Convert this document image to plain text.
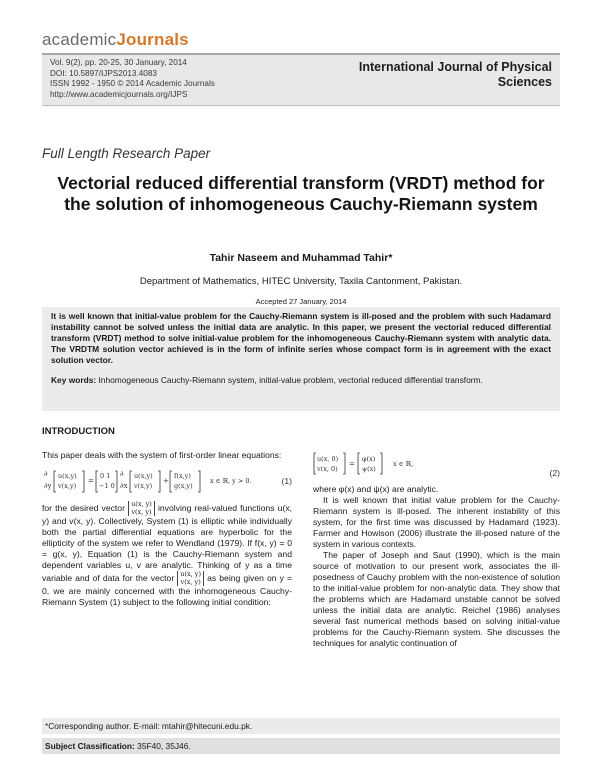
academicJournals
Vol. 9(2), pp. 20-25, 30 January, 2014
DOI: 10.5897/IJPS2013.4083
ISSN 1992 - 1950 © 2014 Academic Journals
http://www.academicjournals.org/IJPS
International Journal of Physical Sciences
Full Length Research Paper
Vectorial reduced differential transform (VRDT) method for the solution of inhomogeneous Cauchy-Riemann system
Tahir Naseem and Muhammad Tahir*
Department of Mathematics, HITEC University, Taxila Cantonment, Pakistan.
Accepted 27 January, 2014
It is well known that initial-value problem for the Cauchy-Riemann system is ill-posed and the problem with such Hadamard instability cannot be solved unless the initial data are analytic. In this paper, we present the vectorial reduced differential transform (VRDT) method to solve initial-value problem for the inhomogeneous Cauchy-Riemann system with analytic data. The VRDTM solution vector achieved is in the form of infinite series whose compact form is in agreement with the exact solution vector.
Key words: Inhomogeneous Cauchy-Riemann system, initial-value problem, vectorial reduced differential transform.
INTRODUCTION

This paper deals with the system of first-order linear equations:

∂
∂y
u(x,y)
v(x,y)
=
0 1
−1 0
∂
∂x
u(x,y)
v(x,y)
+
f(x,y)
g(x,y)
x ∈ ℝ, y > 0.	(1)

for the desired vector u(x, y)
v(x, y) involving real-valued functions u(x, y) and v(x, y). Collectively, System (1) is elliptic while individually both the partial differential equations are hyperbolic for the ellipticity of the system we refer to Wendland (1979). If f(x, y) = 0 = g(x, y), Equation (1) is the Cauchy-Riemann system and dependent variables u, v are analytic. Thinking of y as a time variable and of data for the vector u(x, y)
v(x, y) as being given on y = 0, we are mainly concerned with the inhomogeneous Cauchy-Riemann System (1) subject to the following initial condition:

u(x, 0)
v(x, 0)
=
φ(x)
ψ(x)
x ∈ ℝ,
(2)

where φ(x) and ψ(x) are analytic.

It is well known that initial value problem for the Cauchy-Riemann system is ill-posed. The inherent instability of this system, for the first time was discussed by Hadamard (1923). Farmer and Howison (2006) illustrate the ill-posed nature of the system in various contexts.

The paper of Joseph and Saut (1990), which is the main source of motivation to our present work, associates the ill-posedness of Cauchy problem with the non-existence of solution to the initial-value problem for non-analytic data. They show that the problems which are Hadamard unstable cannot be solved unless the initial data are analytic. Reichel (1986) analyses several fast numerical methods based on solving initial-value problems for the Cauchy-Riemann system. She discusses the techniques for analytic continuation of

*Corresponding author. E-mail: mtahir@hitecuni.edu.pk.
Subject Classification: 35F40, 35J46.
